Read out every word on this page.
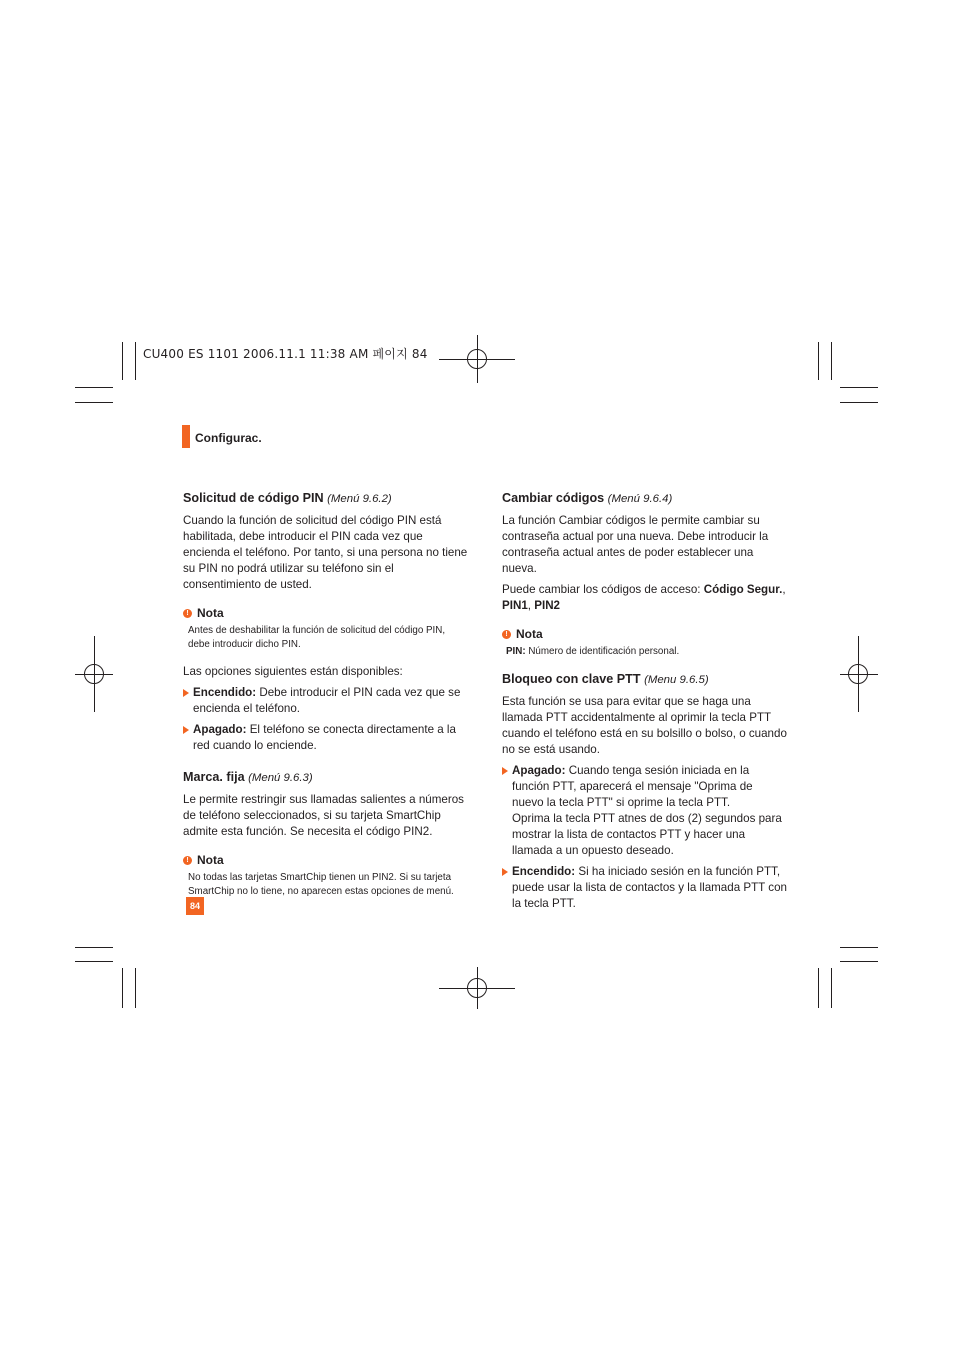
CU400 ES 1101 2006.11.1 11:38 AM 페이지 84
Configurac.
Solicitud de código PIN (Menú 9.6.2)

Cuando la función de solicitud del código PIN está habilitada, debe introducir el PIN cada vez que encienda el teléfono. Por tanto, si una persona no tiene su PIN no podrá utilizar su teléfono sin el consentimiento de usted.

! Nota
Antes de deshabilitar la función de solicitud del código PIN, debe introducir dicho PIN.

Las opciones siguientes están disponibles:

Encendido: Debe introducir el PIN cada vez que se encienda el teléfono.
Apagado: El teléfono se conecta directamente a la red cuando lo enciende.
Marca. fija (Menú 9.6.3)

Le permite restringir sus llamadas salientes a números de teléfono seleccionados, si su tarjeta SmartChip admite esta función. Se necesita el código PIN2.

! Nota
No todas las tarjetas SmartChip tienen un PIN2. Si su tarjeta SmartChip no lo tiene, no aparecen estas opciones de menú.
Cambiar códigos (Menú 9.6.4)

La función Cambiar códigos le permite cambiar su contraseña actual por una nueva. Debe introducir la contraseña actual antes de poder establecer una nueva.

Puede cambiar los códigos de acceso: Código Segur., PIN1, PIN2

! Nota
PIN: Número de identificación personal.
Bloqueo con clave PTT (Menu 9.6.5)

Esta función se usa para evitar que se haga una llamada PTT accidentalmente al oprimir la tecla PTT cuando el teléfono está en su bolsillo o bolso, o cuando no se está usando.

Apagado: Cuando tenga sesión iniciada en la función PTT, aparecerá el mensaje "Oprima de nuevo la tecla PTT" si oprime la tecla PTT.
Oprima la tecla PTT atnes de dos (2) segundos para mostrar la lista de contactos PTT y hacer una llamada a un opuesto deseado.
Encendido: Si ha iniciado sesión en la función PTT, puede usar la lista de contactos y la llamada PTT con la tecla PTT.
84
